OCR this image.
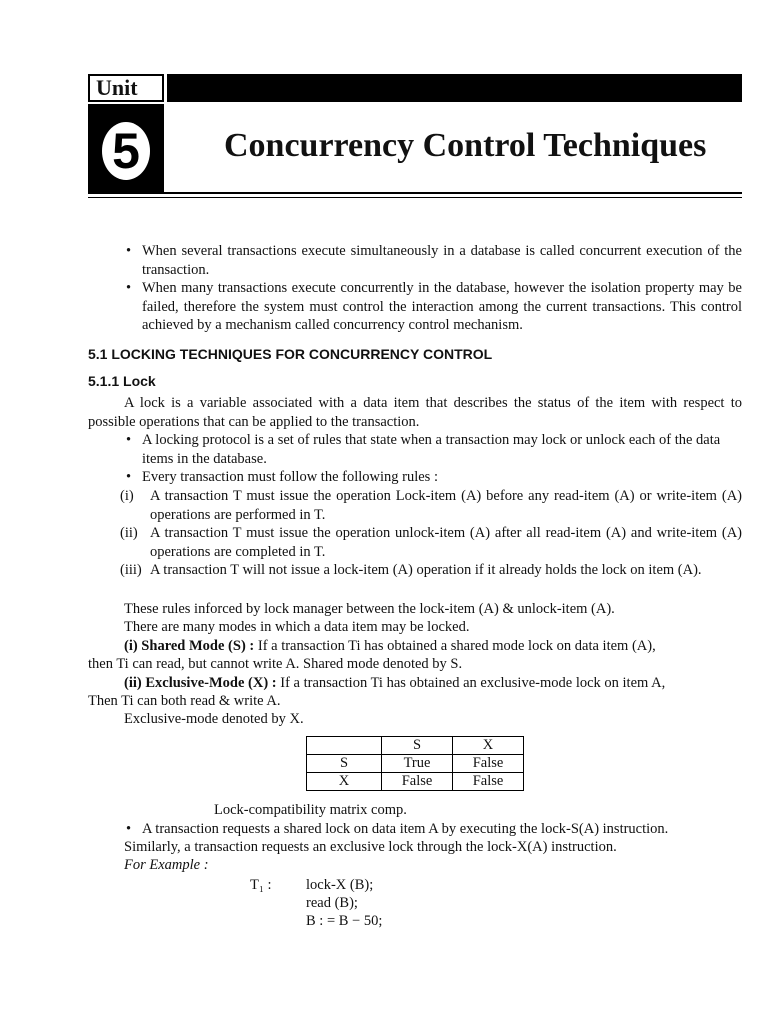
Unit
5 Concurrency Control Techniques
• When several transactions execute simultaneously in a database is called concurrent execution of the transaction.
• When many transactions execute concurrently in the database, however the isolation property may be failed, therefore the system must control the interaction among the current transactions. This control achieved by a mechanism called concurrency control mechanism.
5.1 LOCKING TECHNIQUES FOR CONCURRENCY CONTROL
5.1.1 Lock
A lock is a variable associated with a data item that describes the status of the item with respect to possible operations that can be applied to the transaction.
• A locking protocol is a set of rules that state when a transaction may lock or unlock each of the data items in the database.
• Every transaction must follow the following rules :
(i)	A transaction T must issue the operation Lock-item (A) before any read-item (A) or write-item (A) operations are performed in T.
(ii) A transaction T must issue the operation unlock-item (A) after all read-item (A) and write-item (A) operations are completed in T.
(iii) A transaction T will not issue a lock-item (A) operation if it already holds the lock on item (A).
These rules inforced by lock manager between the lock-item (A) & unlock-item (A).
There are many modes in which a data item may be locked.
(i) Shared Mode (S) : If a transaction Ti has obtained a shared mode lock on data item (A),
then Ti can read, but cannot write A. Shared mode denoted by S.
(ii) Exclusive-Mode (X) : If a transaction Ti has obtained an exclusive-mode lock on item A,
Then Ti can both read & write A.
Exclusive-mode denoted by X.
	S	X
S	True	False
X	False	False
Lock-compatibility matrix comp.
• A transaction requests a shared lock on data item A by executing the lock-S(A) instruction.
Similarly, a transaction requests an exclusive lock through the lock-X(A) instruction.
For Example :
T₁ : lock-X (B);
read (B);
B : = B − 50;
